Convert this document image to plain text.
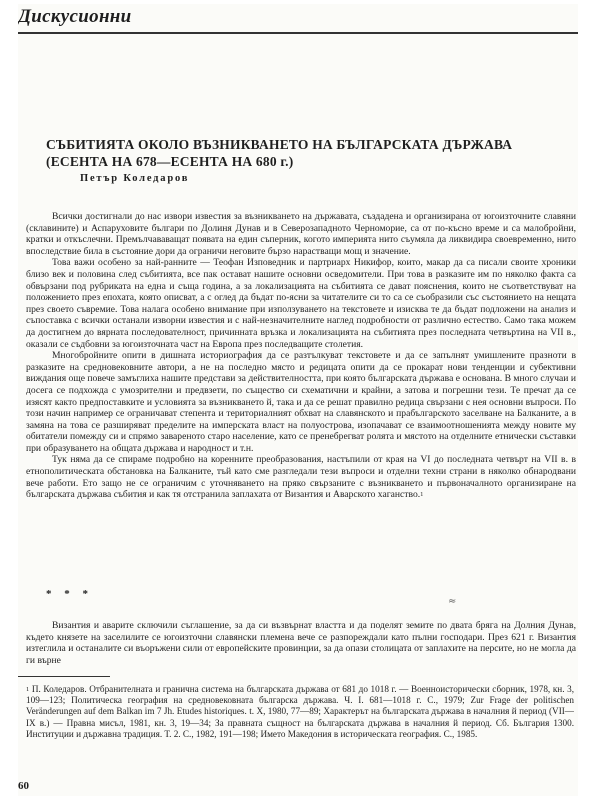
Дискусионни
СЪБИТИЯТА ОКОЛО ВЪЗНИКВАНЕТО НА БЪЛГАРСКАТА ДЪРЖАВА (ЕСЕНТА НА 678—ЕСЕНТА НА 680 г.)
Петър Коледаров

Всички достигнали до нас извори известия за възникването на държавата, създадена и организирана от югоизточните славяни (склавините) и Аспаруховите българи по Долиня Дунав и в Северозападното Черноморие, са от по-късно време и са малобройни, кратки и откъслечни. Премълчававащат появата на един съперник, когото империята нито съумяла да ликвидира своевременно, нито впоследствие била в състояние дори да ограничи неговите бързо нарастващи мощ и значение.

Това важи особено за най-ранните — Теофан Изповедник и партриарх Никифор, които, макар да са писали своите хроники близо век и половина след събитията, все пак остават нашите основни осведомители. При това в разказите им по няколко факта са обвързани под рубриката на една и съща година, а за локализацията на събитията се дават пояснения, които не съответствуват на положението през епохата, която описват, а с оглед да бъдат по-ясни за читателите си то са се съобразили със състоянието на нещата през своето съвремие. Това налага особено внимание при използуването на текстовете и изисква те да бъдат подложени на анализ и съпоставка с всички останали изворни известия и с най-незначителните наглед подробности от различно естество. Само така можем да достигнем до вярната последователност, причинната връзка и локализацията на събитията през последната четвъртина на VII в., оказали се съдбовни за югоизточната част на Европа през последващите столетия.

Многобройните опити в дишната историография да се разтълкуват текстовете и да се запълнят умишлените празноти в разказите на средновековните автори, а не на последно място и редицата опити да се прокарат нови тенденции и субективни виждания още повече замъглиха нашите представи за действителността, при която българската държава е основана. В много случаи и досега се подхожда с умозрителни и предвзети, по същество си схематични и крайни, а затова и погрешни тези. Те пречат да се изясят както предпоставките и условията за възникването й, така и да се решат правилно редица свързани с нея основни въпроси. По този начин например се ограничават степента и териториалният обхват на славянското и прабългарското заселване на Балканите, а в замяна на това се разширяват пределите на имперската власт на полуострова, изопачават се взаимоотношенията между новите му обитатели помежду си и спрямо завареното старо население, като се пренебрегват ролята и мястото на отделните етнически съставки при образуването на общата държава и народност и т.н.

Тук няма да се спираме подробно на коренните преобразования, настъпили от края на VI до последната четвърт на VII в. в етнополитическата обстановка на Балканите, тъй като сме разгледали тези въпроси и отделни техни страни в няколко обнародвани вече работи. Ето защо не се ограничим с уточняването на пряко свързаните с възникването и първоначалното организиране на българската държава събития и как тя отстранила заплахата от Византия и Аварското хаганство.$^1$

* * *
≈

Византия и аварите сключили съглашение, за да си възвърнат властта и да поделят земите по двата бряга на Долния Дунав, където князете на заселилите се югоизточни славянски племена вече се разпореждали като пълни господари. През 621 г. Византия изтеглила и останалите си въоръжени сили от европейските провинции, за да опази столицата от заплахите на персите, но не могла да ги върне

$^1$ П. Коледаров. Отбранителната и гранична система на българската държава от 681 до 1018 г. — Военноисторически сборник, 1978, кн. 3, 109—123; Политическа география на средновековната българска държава. Ч. I. 681—1018 г. С., 1979; Zur Frage der politischen Veränderungen auf dem Balkan im 7 Jh. Etudes historiques. t. X, 1980, 77—89; Характерът на българската държава в началния й период (VII—IX в.) — Правна мисъл, 1981, кн. 3, 19—34; За правната същност на българската държава в началния й период. Сб. България 1300. Институции и държавна традиция. Т. 2. С., 1982, 191—198; Името Македония в историческата география. С., 1985.

60
